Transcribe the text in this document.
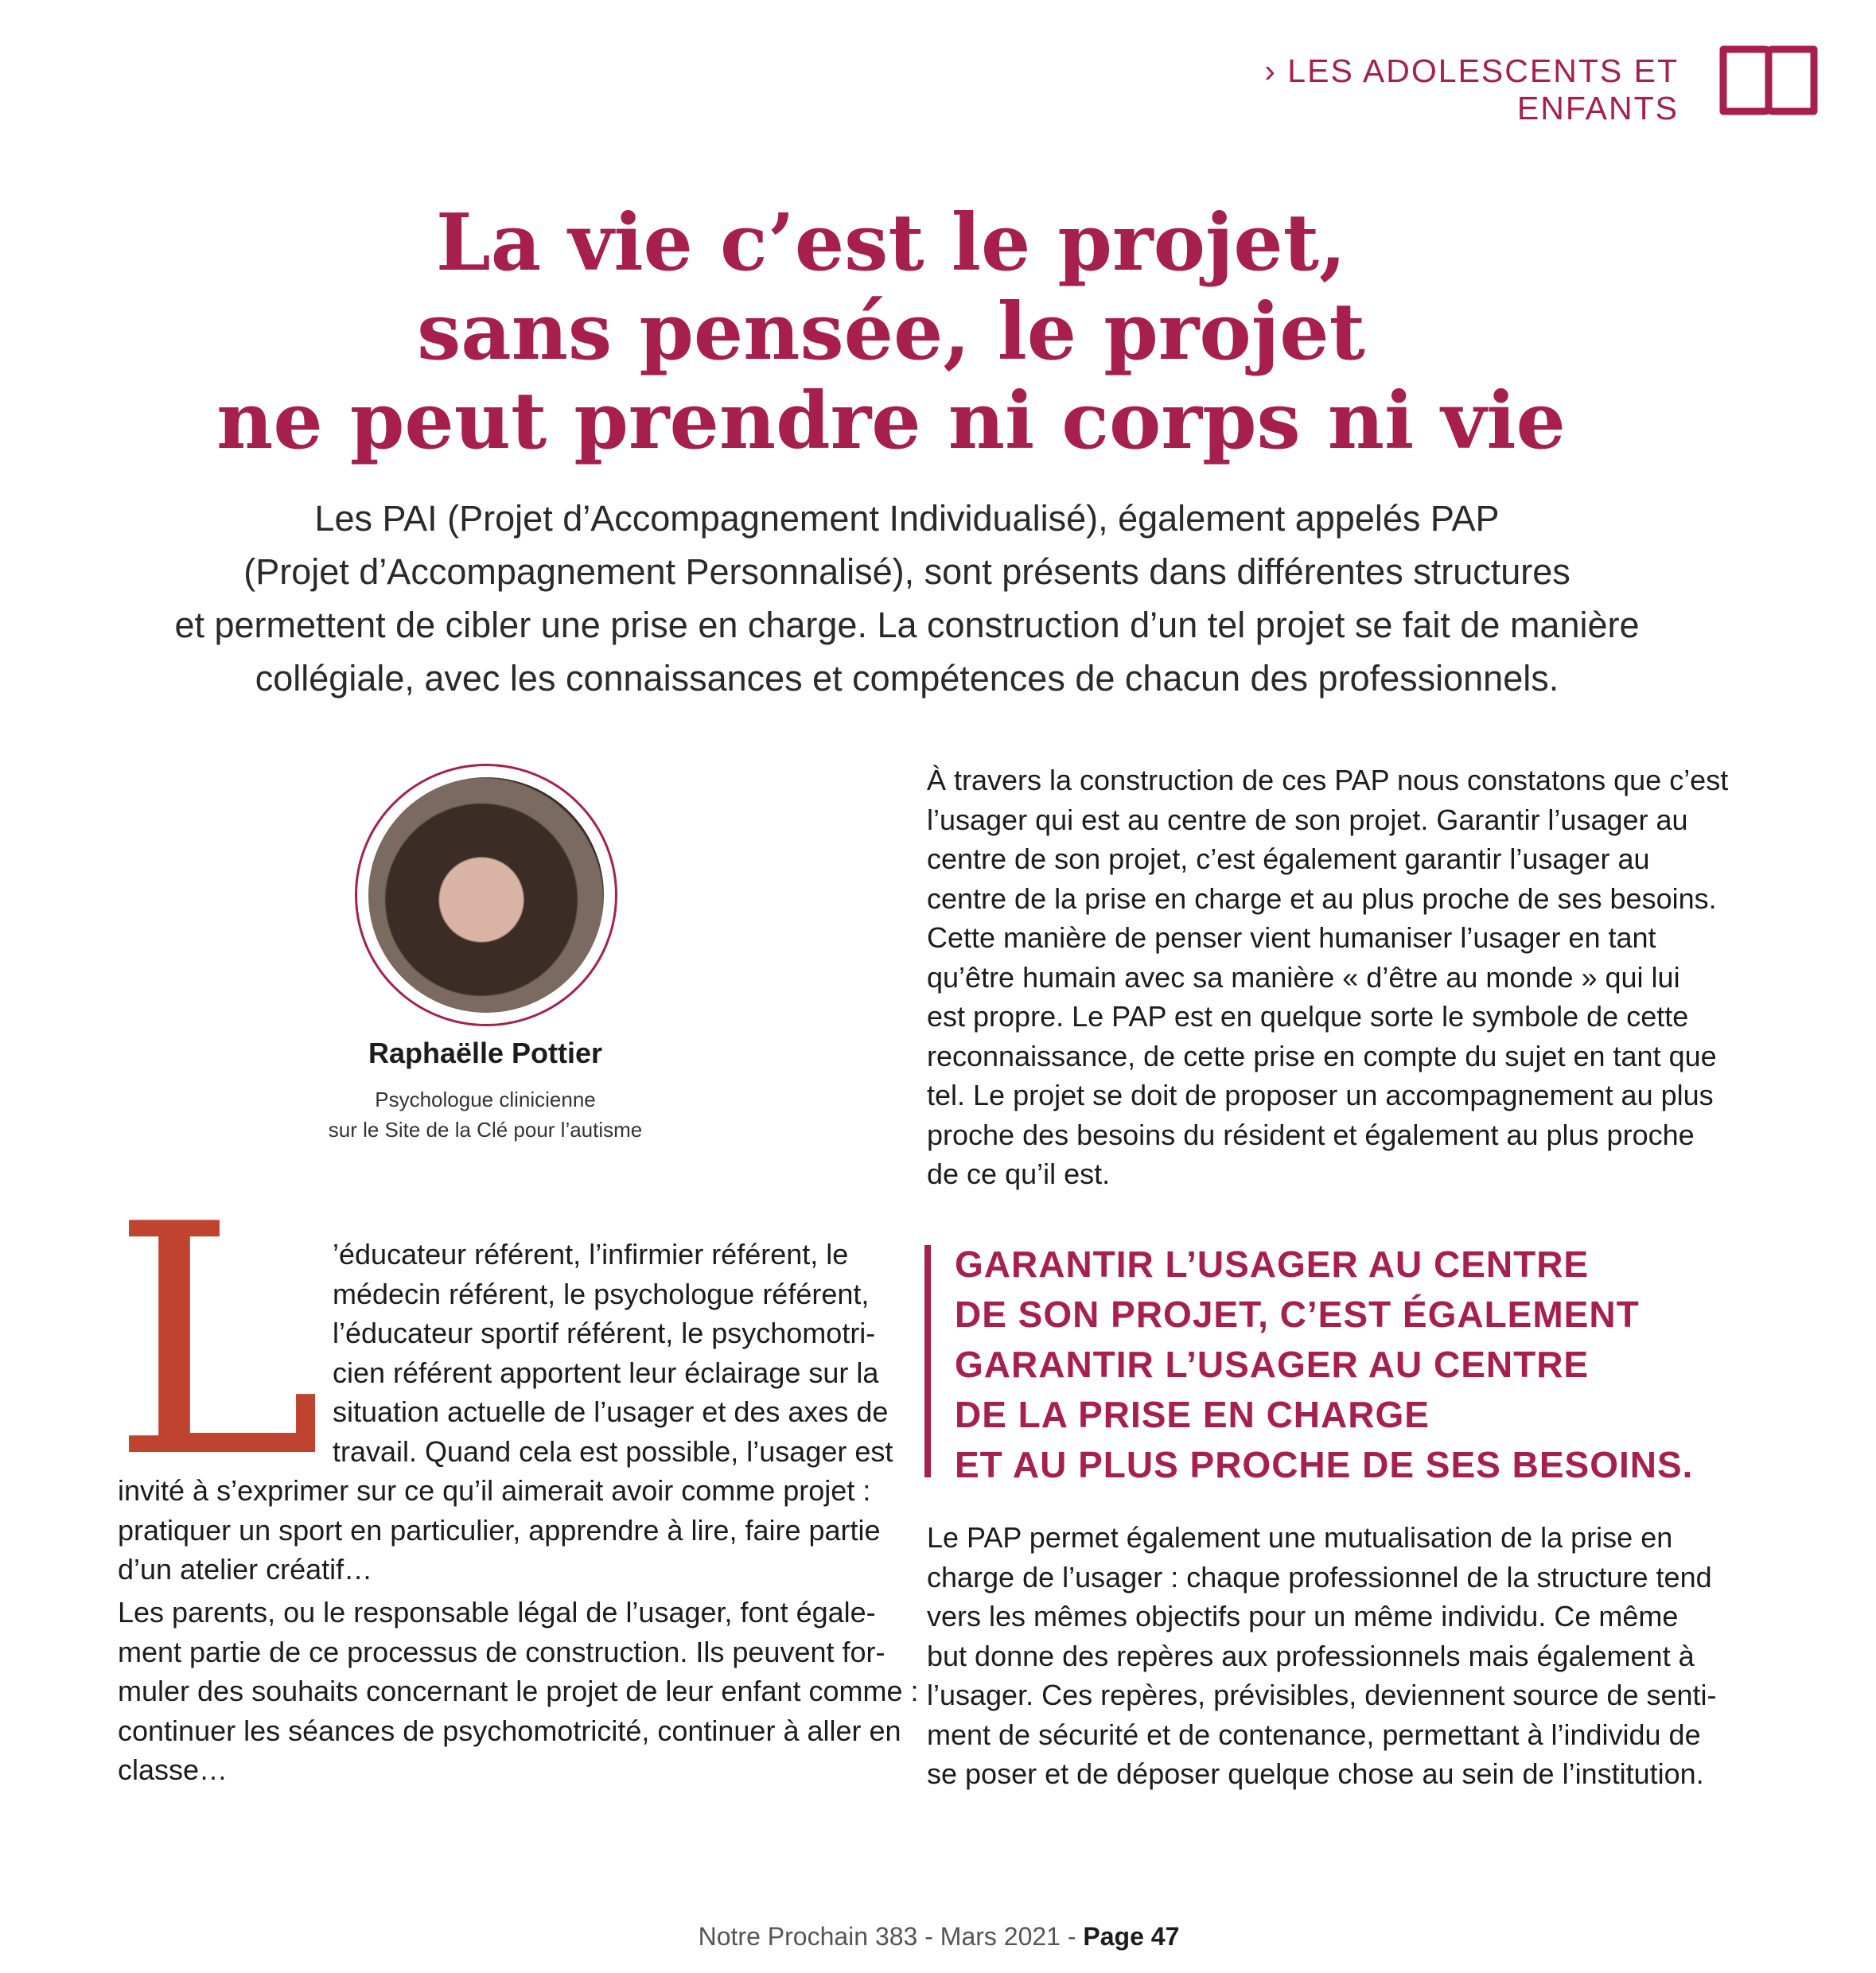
› LES ADOLESCENTS ET ENFANTS
La vie c’est le projet,
sans pensée, le projet
ne peut prendre ni corps ni vie
Les PAI (Projet d’Accompagnement Individualisé), également appelés PAP
(Projet d’Accompagnement Personnalisé), sont présents dans différentes structures
et permettent de cibler une prise en charge. La construction d’un tel projet se fait de manière
collégiale, avec les connaissances et compétences de chacun des professionnels.
Raphaëlle Pottier
Psychologue clinicienne
sur le Site de la Clé pour l’autisme
À travers la construction de ces PAP nous constatons que c’est
l’usager qui est au centre de son projet. Garantir l’usager au
centre de son projet, c’est également garantir l’usager au
centre de la prise en charge et au plus proche de ses besoins.
Cette manière de penser vient humaniser l’usager en tant
qu’être humain avec sa manière « d’être au monde » qui lui
est propre. Le PAP est en quelque sorte le symbole de cette
reconnaissance, de cette prise en compte du sujet en tant que
tel. Le projet se doit de proposer un accompagnement au plus
proche des besoins du résident et également au plus proche
de ce qu’il est.
L ’éducateur référent, l’infirmier référent, le
médecin référent, le psychologue référent,
l’éducateur sportif référent, le psychomotri-
cien référent apportent leur éclairage sur la
situation actuelle de l’usager et des axes de
travail. Quand cela est possible, l’usager est
invité à s’exprimer sur ce qu’il aimerait avoir comme projet :
pratiquer un sport en particulier, apprendre à lire, faire partie
d’un atelier créatif…
Les parents, ou le responsable légal de l’usager, font égale-
ment partie de ce processus de construction. Ils peuvent for-
muler des souhaits concernant le projet de leur enfant comme :
continuer les séances de psychomotricité, continuer à aller en
classe…
GARANTIR L’USAGER AU CENTRE
DE SON PROJET, C’EST ÉGALEMENT
GARANTIR L’USAGER AU CENTRE
DE LA PRISE EN CHARGE
ET AU PLUS PROCHE DE SES BESOINS.
Le PAP permet également une mutualisation de la prise en
charge de l’usager : chaque professionnel de la structure tend
vers les mêmes objectifs pour un même individu. Ce même
but donne des repères aux professionnels mais également à
l’usager. Ces repères, prévisibles, deviennent source de senti-
ment de sécurité et de contenance, permettant à l’individu de
se poser et de déposer quelque chose au sein de l’institution.
Notre Prochain 383 - Mars 2021 - Page 47
